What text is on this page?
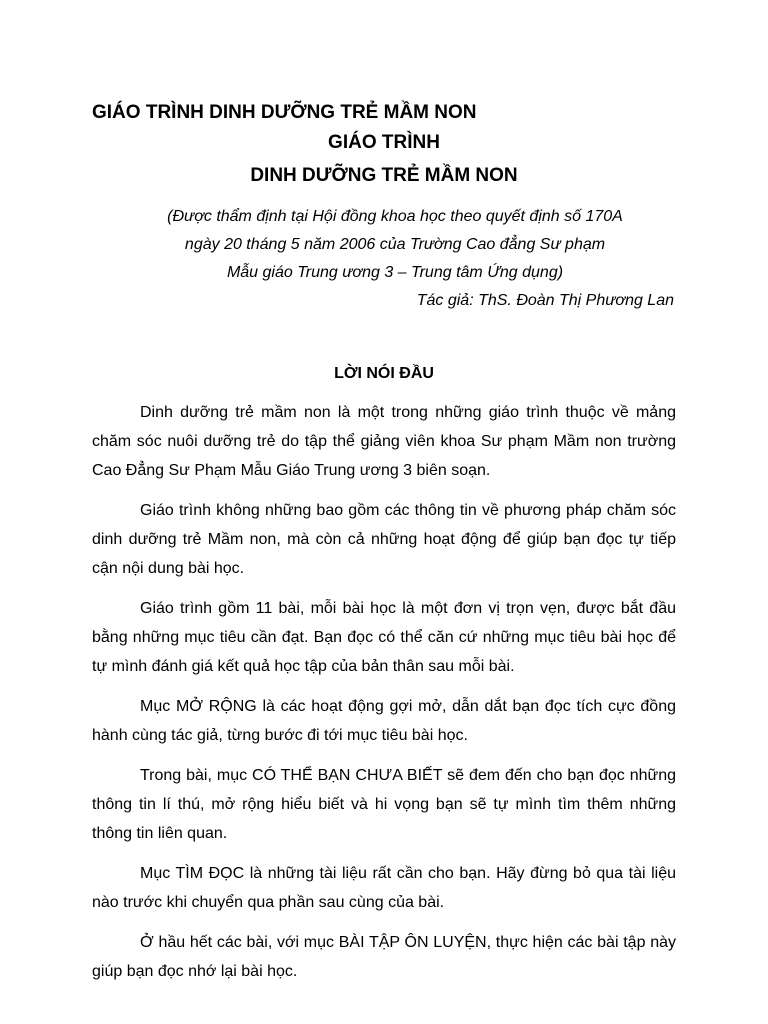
GIÁO TRÌNH DINH DƯỠNG TRẺ MẦM NON
GIÁO TRÌNH
DINH DƯỠNG TRẺ MẦM NON
(Được thẩm định tại Hội đồng khoa học theo quyết định số 170A
ngày 20 tháng 5 năm 2006 của Trường Cao đẳng Sư phạm
Mẫu giáo Trung ương 3 – Trung tâm Ứng dụng)
Tác giả: ThS. Đoàn Thị Phương Lan
LỜI NÓI ĐẦU

Dinh dưỡng trẻ mầm non là một trong những giáo trình thuộc về mảng chăm sóc nuôi dưỡng trẻ do tập thể giảng viên khoa Sư phạm Mầm non trường Cao Đẳng Sư Phạm Mẫu Giáo Trung ương 3 biên soạn.

Giáo trình không những bao gồm các thông tin về phương pháp chăm sóc dinh dưỡng trẻ Mầm non, mà còn cả những hoạt động để giúp bạn đọc tự tiếp cận nội dung bài học.

Giáo trình gồm 11 bài, mỗi bài học là một đơn vị trọn vẹn, được bắt đầu bằng những mục tiêu cần đạt. Bạn đọc có thể căn cứ những mục tiêu bài học để tự mình đánh giá kết quả học tập của bản thân sau mỗi bài.

Mục MỞ RỘNG là các hoạt động gợi mở, dẫn dắt bạn đọc tích cực đồng hành cùng tác giả, từng bước đi tới mục tiêu bài học.

Trong bài, mục CÓ THỂ BẠN CHƯA BIẾT sẽ đem đến cho bạn đọc những thông tin lí thú, mở rộng hiểu biết và hi vọng bạn sẽ tự mình tìm thêm những thông tin liên quan.

Mục TÌM ĐỌC là những tài liệu rất cần cho bạn. Hãy đừng bỏ qua tài liệu nào trước khi chuyển qua phần sau cùng của bài.

Ở hầu hết các bài, với mục BÀI TẬP ÔN LUYỆN, thực hiện các bài tập này giúp bạn đọc nhớ lại bài học.
